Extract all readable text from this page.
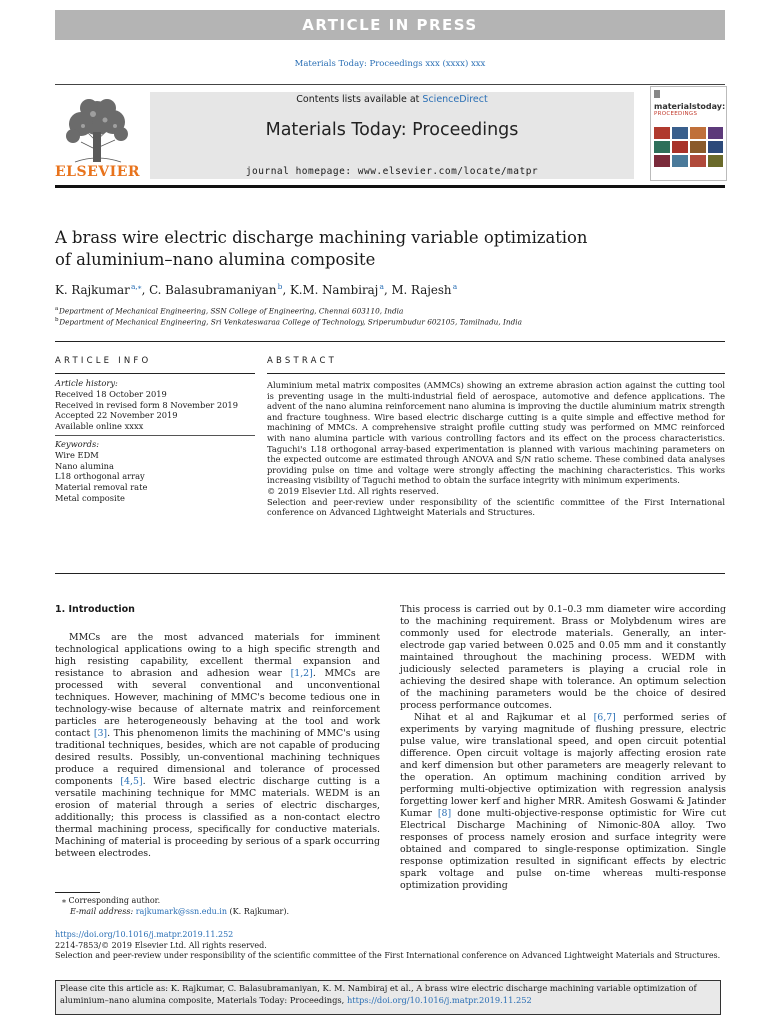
ARTICLE IN PRESS
Materials Today: Proceedings xxx (xxxx) xxx
ELSEVIER
Contents lists available at ScienceDirect
Materials Today: Proceedings
journal homepage: www.elsevier.com/locate/matpr
materialstoday:
PROCEEDINGS
A brass wire electric discharge machining variable optimization
of aluminium–nano alumina composite
K. Rajkumar $^{a,⁎}$, C. Balasubramaniyan $^b$, K.M. Nambiraj $^a$, M. Rajesh $^a$
$^a$ Department of Mechanical Engineering, SSN College of Engineering, Chennai 603110, India
$^b$ Department of Mechanical Engineering, Sri Venkateswaraa College of Technology, Sriperumbudur 602105, Tamilnadu, India
ARTICLE INFO
Article history:
Received 18 October 2019
Received in revised form 8 November 2019
Accepted 22 November 2019
Available online xxxx
Keywords:
Wire EDM
Nano alumina
L18 orthogonal array
Material removal rate
Metal composite
ABSTRACT

Aluminium metal matrix composites (AMMCs) showing an extreme abrasion action against the cutting tool is preventing usage in the multi-industrial field of aerospace, automotive and defence applications. The advent of the nano alumina reinforcement nano alumina is improving the ductile aluminium matrix strength and fracture toughness. Wire based electric discharge cutting is a quite simple and effective method for machining of MMCs. A comprehensive straight profile cutting study was performed on MMC reinforced with nano alumina particle with various controlling factors and its effect on the process characteristics. Taguchi's L18 orthogonal array-based experimentation is planned with various machining parameters on the expected outcome are estimated through ANOVA and S/N ratio scheme. These combined data analyses providing pulse on time and voltage were strongly affecting the machining characteristics. This works increasing visibility of Taguchi method to obtain the surface integrity with minimum experiments.

© 2019 Elsevier Ltd. All rights reserved.

Selection and peer-review under responsibility of the scientific committee of the First International conference on Advanced Lightweight Materials and Structures.

1. Introduction

MMCs are the most advanced materials for imminent technological applications owing to a high specific strength and high resisting capability, excellent thermal expansion and resistance to abrasion and adhesion wear [1,2]. MMCs are processed with several conventional and unconventional techniques. However, machining of MMC's become tedious one in technology-wise because of alternate matrix and reinforcement particles are heterogeneously behaving at the tool and work contact [3]. This phenomenon limits the machining of MMC's using traditional techniques, besides, which are not capable of producing desired results. Possibly, un-conventional machining techniques produce a required dimensional and tolerance of processed components [4,5]. Wire based electric discharge cutting is a versatile machining technique for MMC materials. WEDM is an erosion of material through a series of electric discharges, additionally; this process is classified as a non-contact electro thermal machining process, specifically for conductive materials. Machining of material is proceeding by serious of a spark occurring between electrodes.

This process is carried out by 0.1–0.3 mm diameter wire according to the machining requirement. Brass or Molybdenum wires are commonly used for electrode materials. Generally, an inter-electrode gap varied between 0.025 and 0.05 mm and it constantly maintained throughout the machining process. WEDM with judiciously selected parameters is playing a crucial role in achieving the desired shape with tolerance. An optimum selection of the machining parameters would be the choice of desired process performance outcomes.

Nihat et al and Rajkumar et al [6,7] performed series of experiments by varying magnitude of flushing pressure, electric pulse value, wire translational speed, and open circuit potential difference. Open circuit voltage is majorly affecting erosion rate and kerf dimension but other parameters are meagerly relevant to the operation. An optimum machining condition arrived by performing multi-objective optimization with regression analysis forgetting lower kerf and higher MRR. Amitesh Goswami & Jatinder Kumar [8] done multi-objective-response optimistic for Wire cut Electrical Discharge Machining of Nimonic-80A alloy. Two responses of process namely erosion and surface integrity were obtained and compared to single-response optimization. Single response optimization resulted in significant effects by electric spark voltage and pulse on-time whereas multi-response optimization providing

⁎ Corresponding author.
E-mail address: rajkumark@ssn.edu.in (K. Rajkumar).
https://doi.org/10.1016/j.matpr.2019.11.252
2214-7853/© 2019 Elsevier Ltd. All rights reserved.
Selection and peer-review under responsibility of the scientific committee of the First International conference on Advanced Lightweight Materials and Structures.
Please cite this article as: K. Rajkumar, C. Balasubramaniyan, K. M. Nambiraj et al., A brass wire electric discharge machining variable optimization of aluminium–nano alumina composite, Materials Today: Proceedings, https://doi.org/10.1016/j.matpr.2019.11.252
